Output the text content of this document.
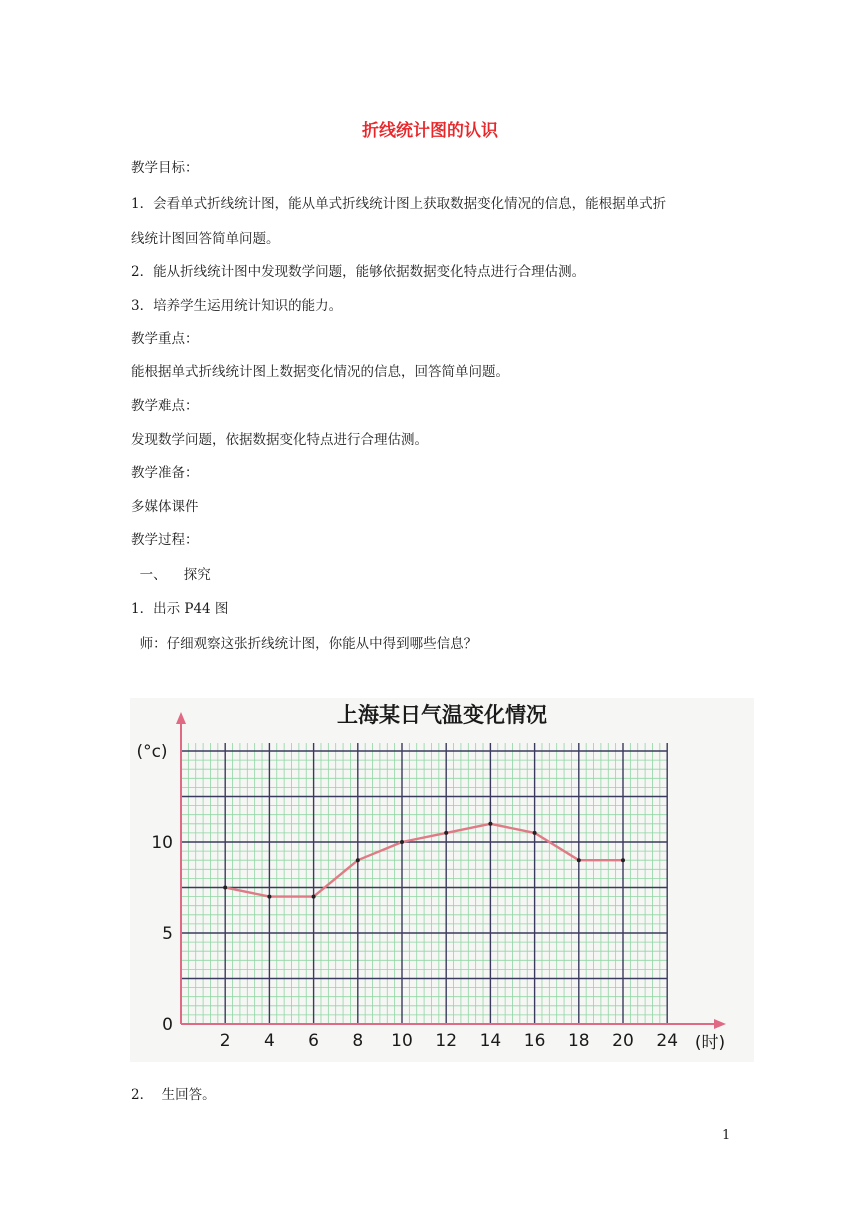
折线统计图的认识
教学目标：
1．会看单式折线统计图，能从单式折线统计图上获取数据变化情况的信息，能根据单式折
线统计图回答简单问题。
2．能从折线统计图中发现数学问题，能够依据数据变化特点进行合理估测。
3．培养学生运用统计知识的能力。
教学重点：
能根据单式折线统计图上数据变化情况的信息，回答简单问题。
教学难点：
发现数学问题，依据数据变化特点进行合理估测。
教学准备：
多媒体课件
教学过程：
一、    探究
1．出示 P44 图
师：仔细观察这张折线统计图，你能从中得到哪些信息？
上海某日气温变化情况
(°c)
(时)
2 4 6 8 10 12 14 16 18 20 24
0
5
10
2．  生回答。
1
